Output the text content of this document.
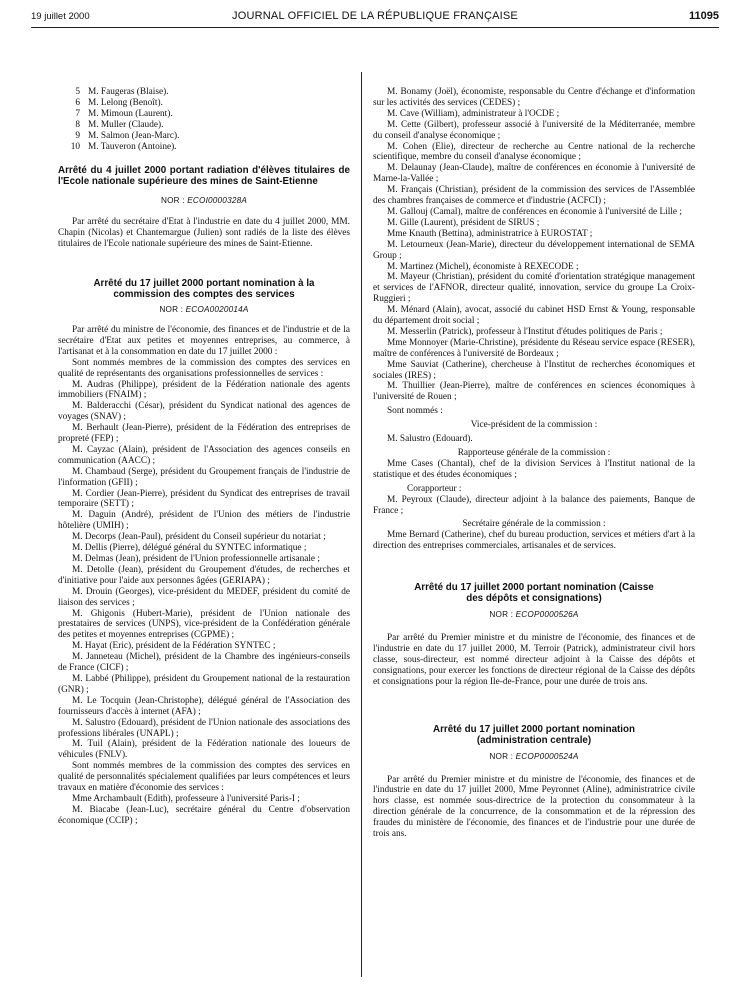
19 juillet 2000	JOURNAL OFFICIEL DE LA RÉPUBLIQUE FRANÇAISE	11095
5 M. Faugeras (Blaise).
6 M. Lelong (Benoît).
7 M. Mimoun (Laurent).
8 M. Muller (Claude).
9 M. Salmon (Jean-Marc).
10 M. Tauveron (Antoine).
Arrêté du 4 juillet 2000 portant radiation d'élèves titulaires de l'Ecole nationale supérieure des mines de Saint-Etienne
NOR : ECOI0000328A

Par arrêté du secrétaire d'Etat à l'industrie en date du 4 juillet 2000, MM. Chapin (Nicolas) et Chantemargue (Julien) sont radiés de la liste des élèves titulaires de l'Ecole nationale supérieure des mines de Saint-Etienne.

Arrêté du 17 juillet 2000 portant nomination à la commission des comptes des services
NOR : ECOA0020014A

Par arrêté du ministre de l'économie, des finances et de l'industrie et de la secrétaire d'Etat aux petites et moyennes entreprises, au commerce, à l'artisanat et à la consommation en date du 17 juillet 2000 :

Sont nommés membres de la commission des comptes des services en qualité de représentants des organisations professionnelles de services :

M. Audras (Philippe), président de la Fédération nationale des agents immobiliers (FNAIM) ;

M. Balderacchi (César), président du Syndicat national des agences de voyages (SNAV) ;

M. Berhault (Jean-Pierre), président de la Fédération des entreprises de propreté (FEP) ;

M. Cayzac (Alain), président de l'Association des agences conseils en communication (AACC) ;

M. Chambaud (Serge), président du Groupement français de l'industrie de l'information (GFII) ;

M. Cordier (Jean-Pierre), président du Syndicat des entreprises de travail temporaire (SETT) ;

M. Daguin (André), président de l'Union des métiers de l'industrie hôtelière (UMIH) ;

M. Decorps (Jean-Paul), président du Conseil supérieur du notariat ;

M. Dellis (Pierre), délégué général du SYNTEC informatique ;

M. Delmas (Jean), président de l'Union professionnelle artisanale ;

M. Detolle (Jean), président du Groupement d'études, de recherches et d'initiative pour l'aide aux personnes âgées (GERIAPA) ;

M. Drouin (Georges), vice-président du MEDEF, président du comité de liaison des services ;

M. Ghigonis (Hubert-Marie), président de l'Union nationale des prestataires de services (UNPS), vice-président de la Confédération générale des petites et moyennes entreprises (CGPME) ;

M. Hayat (Eric), président de la Fédération SYNTEC ;

M. Janneteau (Michel), président de la Chambre des ingénieurs-conseils de France (CICF) ;

M. Labbé (Philippe), président du Groupement national de la restauration (GNR) ;

M. Le Tocquin (Jean-Christophe), délégué général de l'Association des fournisseurs d'accès à internet (AFA) ;

M. Salustro (Edouard), président de l'Union nationale des associations des professions libérales (UNAPL) ;

M. Tuil (Alain), président de la Fédération nationale des loueurs de véhicules (FNLV).

Sont nommés membres de la commission des comptes des services en qualité de personnalités spécialement qualifiées par leurs compétences et leurs travaux en matière d'économie des services :

Mme Archambault (Edith), professeure à l'université Paris-I ;

M. Biacabe (Jean-Luc), secrétaire général du Centre d'observation économique (CCIP) ;

M. Bonamy (Joël), économiste, responsable du Centre d'échange et d'information sur les activités des services (CEDES) ;

M. Cave (William), administrateur à l'OCDE ;

M. Cette (Gilbert), professeur associé à l'université de la Méditerranée, membre du conseil d'analyse économique ;

M. Cohen (Elie), directeur de recherche au Centre national de la recherche scientifique, membre du conseil d'analyse économique ;

M. Delaunay (Jean-Claude), maître de conférences en économie à l'université de Marne-la-Vallée ;

M. Français (Christian), président de la commission des services de l'Assemblée des chambres françaises de commerce et d'industrie (ACFCI) ;

M. Gallouj (Camal), maître de conférences en économie à l'université de Lille ;

M. Gille (Laurent), président de SIRUS ;

Mme Knauth (Bettina), administratrice à EUROSTAT ;

M. Letourneux (Jean-Marie), directeur du développement international de SEMA Group ;

M. Martinez (Michel), économiste à REXECODE ;

M. Mayeur (Christian), président du comité d'orientation stratégique management et services de l'AFNOR, directeur qualité, innovation, service du groupe La Croix-Ruggieri ;

M. Ménard (Alain), avocat, associé du cabinet HSD Ernst & Young, responsable du département droit social ;

M. Messerlin (Patrick), professeur à l'Institut d'études politiques de Paris ;

Mme Monnoyer (Marie-Christine), présidente du Réseau service espace (RESER), maître de conférences à l'université de Bordeaux ;

Mme Sauviat (Catherine), chercheuse à l'Institut de recherches économiques et sociales (IRES) ;

M. Thuillier (Jean-Pierre), maître de conférences en sciences économiques à l'université de Rouen ;

Sont nommés :

Vice-président de la commission :

M. Salustro (Edouard).

Rapporteuse générale de la commission :

Mme Cases (Chantal), chef de la division Services à l'Institut national de la statistique et des études économiques ;

Corapporteur :

M. Peyroux (Claude), directeur adjoint à la balance des paiements, Banque de France ;

Secrétaire générale de la commission :

Mme Bernard (Catherine), chef du bureau production, services et métiers d'art à la direction des entreprises commerciales, artisanales et de services.

Arrêté du 17 juillet 2000 portant nomination (Caisse des dépôts et consignations)
NOR : ECOP0000526A

Par arrêté du Premier ministre et du ministre de l'économie, des finances et de l'industrie en date du 17 juillet 2000, M. Terroir (Patrick), administrateur civil hors classe, sous-directeur, est nommé directeur adjoint à la Caisse des dépôts et consignations, pour exercer les fonctions de directeur régional de la Caisse des dépôts et consignations pour la région Ile-de-France, pour une durée de trois ans.

Arrêté du 17 juillet 2000 portant nomination (administration centrale)
NOR : ECOP0000524A

Par arrêté du Premier ministre et du ministre de l'économie, des finances et de l'industrie en date du 17 juillet 2000, Mme Peyronnet (Aline), administratrice civile hors classe, est nommée sous-directrice de la protection du consommateur à la direction générale de la concurrence, de la consommation et de la répression des fraudes du ministère de l'économie, des finances et de l'industrie pour une durée de trois ans.
